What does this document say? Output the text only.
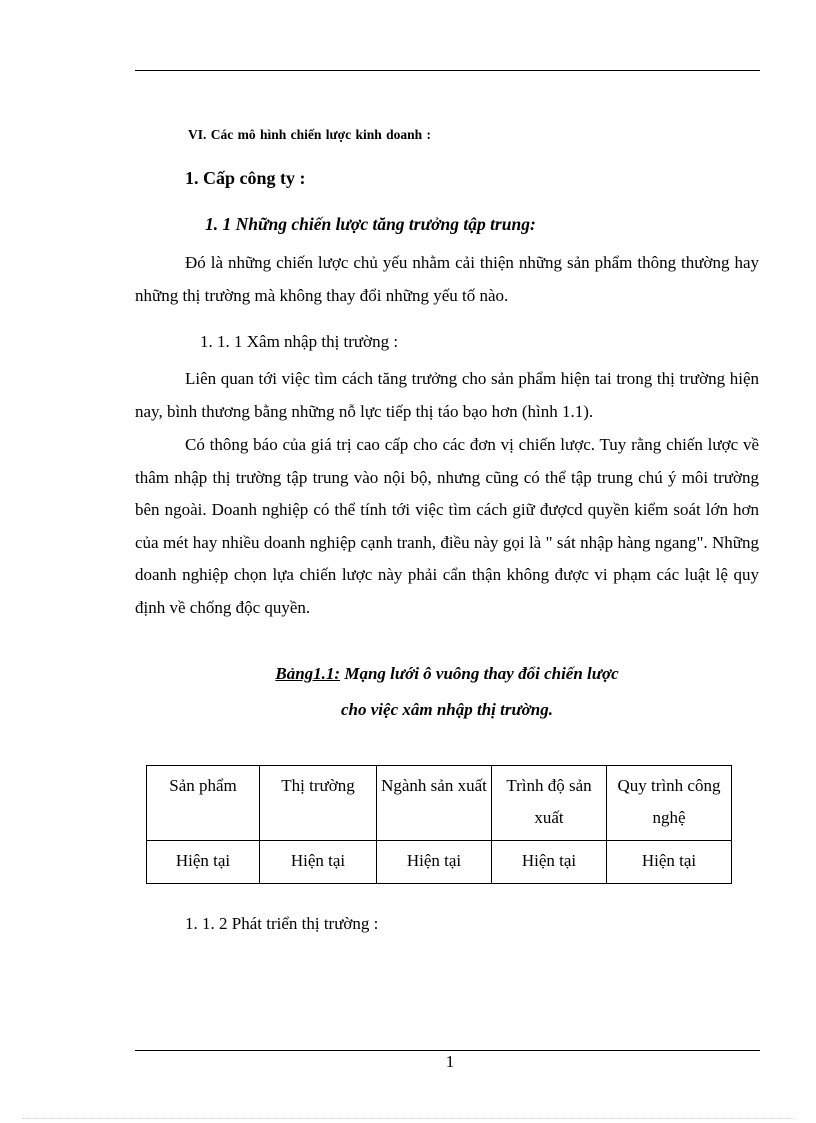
VI. Các mô hình chiến lược kinh doanh :
1. Cấp công ty :
1. 1 Những chiến lược tăng trưởng tập trung:

Đó là những chiến lược chủ yếu nhằm cải thiện những sản phẩm thông thường hay những thị trường mà không thay đổi những yếu tố nào.

1. 1. 1 Xâm nhập thị trường :

Liên quan tới việc tìm cách tăng trưởng cho sản phẩm hiện tai trong thị trường hiện nay, bình thương bằng những nỗ lực tiếp thị táo bạo hơn (hình 1.1).

Có thông báo của giá trị cao cấp cho các đơn vị chiến lược. Tuy rằng chiến lược về thâm nhập thị trường tập trung vào nội bộ, nhưng cũng có thể tập trung chú ý môi trường bên ngoài. Doanh nghiệp có thể tính tới việc tìm cách giữ đượcd quyền kiểm soát lớn hơn của mét hay nhiều doanh nghiệp cạnh tranh, điều này gọi là " sát nhập hàng ngang". Những doanh nghiệp chọn lựa chiến lược này phải cẩn thận không được vi phạm các luật lệ quy định về chống độc quyền.

Bảng1.1: Mạng lưới ô vuông thay đổi chiến lược
cho việc xâm nhập thị trường.
Sản phẩm	Thị trường	Ngành sản xuất	Trình độ sản xuất	Quy trình công nghệ
Hiện tại	Hiện tại	Hiện tại	Hiện tại	Hiện tại
1. 1. 2 Phát triển thị trường :
1
